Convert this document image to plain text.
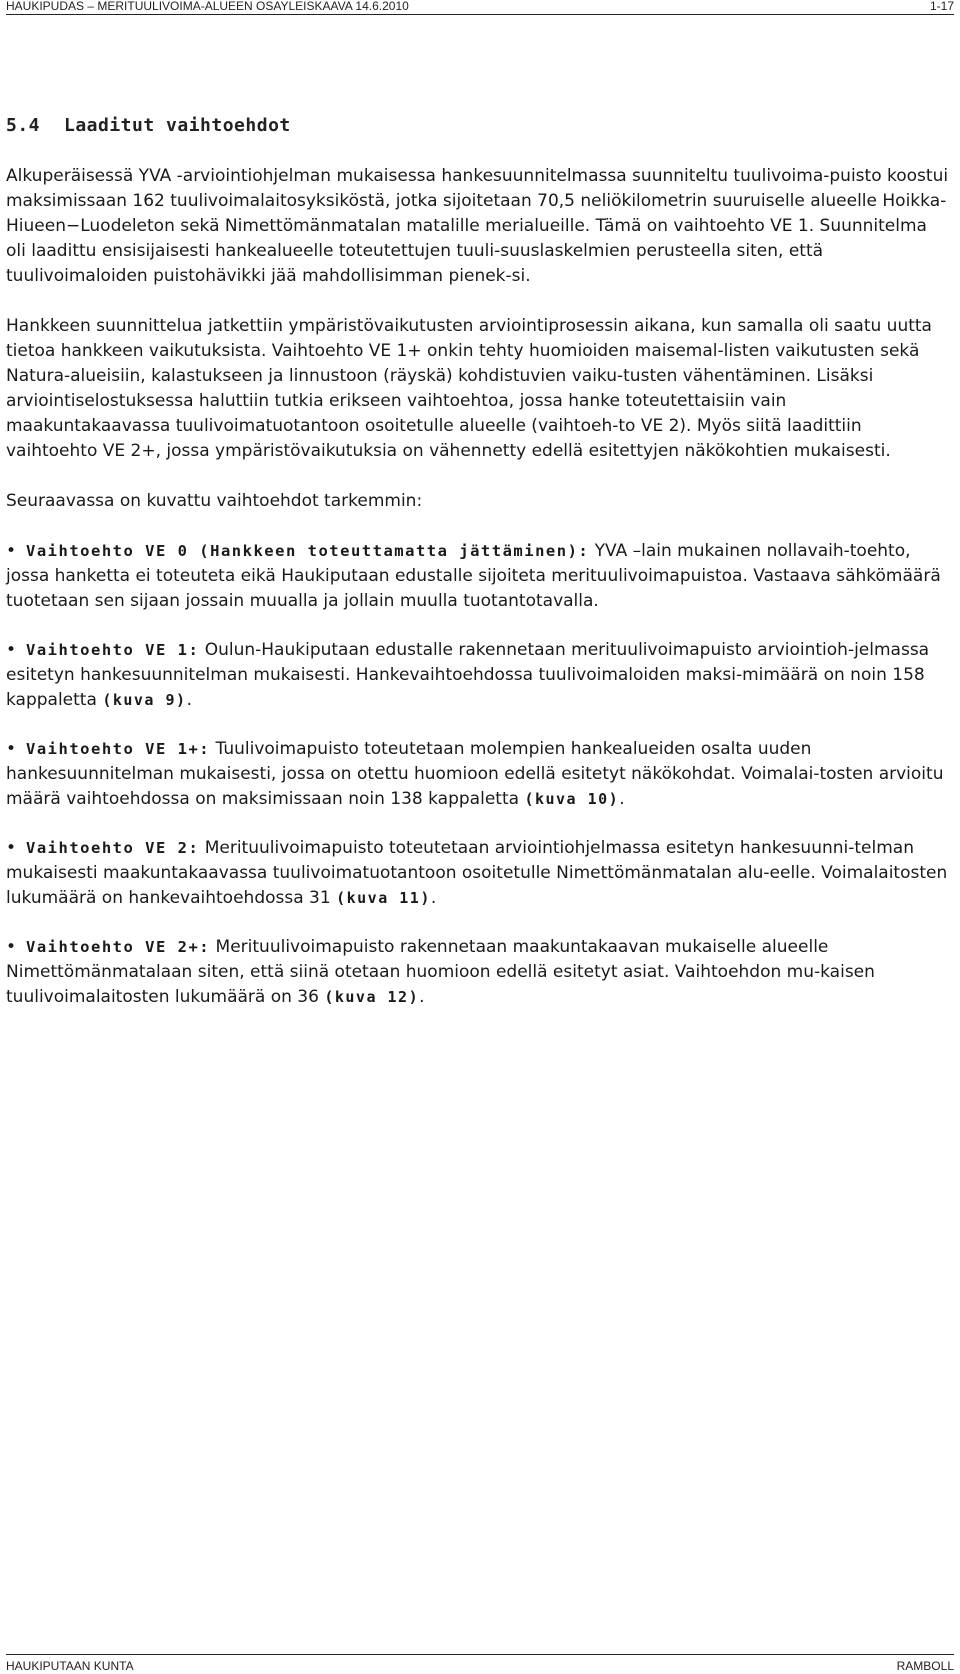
HAUKIPUDAS – MERITUULIVOIMA-ALUEEN OSAYLEISKAAVA 14.6.2010	1-17
5.4 Laaditut vaihtoehdot

Alkuperäisessä YVA -arviointiohjelman mukaisessa hankesuunnitelmassa suunniteltu tuulivoima-puisto koostui maksimissaan 162 tuulivoimalaitosyksiköstä, jotka sijoitetaan 70,5 neliökilometrin suuruiselle alueelle Hoikka-Hiueen−Luodeleton sekä Nimettömänmatalan matalille merialueille. Tämä on vaihtoehto VE 1. Suunnitelma oli laadittu ensisijaisesti hankealueelle toteutettujen tuuli-suuslaskelmien perusteella siten, että tuulivoimaloiden puistohävikki jää mahdollisimman pienek-si.

Hankkeen suunnittelua jatkettiin ympäristövaikutusten arviointiprosessin aikana, kun samalla oli saatu uutta tietoa hankkeen vaikutuksista. Vaihtoehto VE 1+ onkin tehty huomioiden maisemal-listen vaikutusten sekä Natura-alueisiin, kalastukseen ja linnustoon (räyskä) kohdistuvien vaiku-tusten vähentäminen. Lisäksi arviointiselostuksessa haluttiin tutkia erikseen vaihtoehtoa, jossa hanke toteutettaisiin vain maakuntakaavassa tuulivoimatuotantoon osoitetulle alueelle (vaihtoeh-to VE 2). Myös siitä laadittiin vaihtoehto VE 2+, jossa ympäristövaikutuksia on vähennetty edellä esitettyjen näkökohtien mukaisesti.

Seuraavassa on kuvattu vaihtoehdot tarkemmin:

• Vaihtoehto VE 0 (Hankkeen toteuttamatta jättäminen): YVA –lain mukainen nollavaih-toehto, jossa hanketta ei toteuteta eikä Haukiputaan edustalle sijoiteta merituulivoimapuistoa. Vastaava sähkömäärä tuotetaan sen sijaan jossain muualla ja jollain muulla tuotantotavalla.

• Vaihtoehto VE 1: Oulun-Haukiputaan edustalle rakennetaan merituulivoimapuisto arviointioh-jelmassa esitetyn hankesuunnitelman mukaisesti. Hankevaihtoehdossa tuulivoimaloiden maksi-mimäärä on noin 158 kappaletta (kuva 9).

• Vaihtoehto VE 1+: Tuulivoimapuisto toteutetaan molempien hankealueiden osalta uuden hankesuunnitelman mukaisesti, jossa on otettu huomioon edellä esitetyt näkökohdat. Voimalai-tosten arvioitu määrä vaihtoehdossa on maksimissaan noin 138 kappaletta (kuva 10).

• Vaihtoehto VE 2: Merituulivoimapuisto toteutetaan arviointiohjelmassa esitetyn hankesuunni-telman mukaisesti maakuntakaavassa tuulivoimatuotantoon osoitetulle Nimettömänmatalan alu-eelle. Voimalaitosten lukumäärä on hankevaihtoehdossa 31 (kuva 11).

• Vaihtoehto VE 2+: Merituulivoimapuisto rakennetaan maakuntakaavan mukaiselle alueelle Nimettömänmatalaan siten, että siinä otetaan huomioon edellä esitetyt asiat. Vaihtoehdon mu-kaisen tuulivoimalaitosten lukumäärä on 36 (kuva 12).

HAUKIPUTAAN KUNTA	RAMBOLL
